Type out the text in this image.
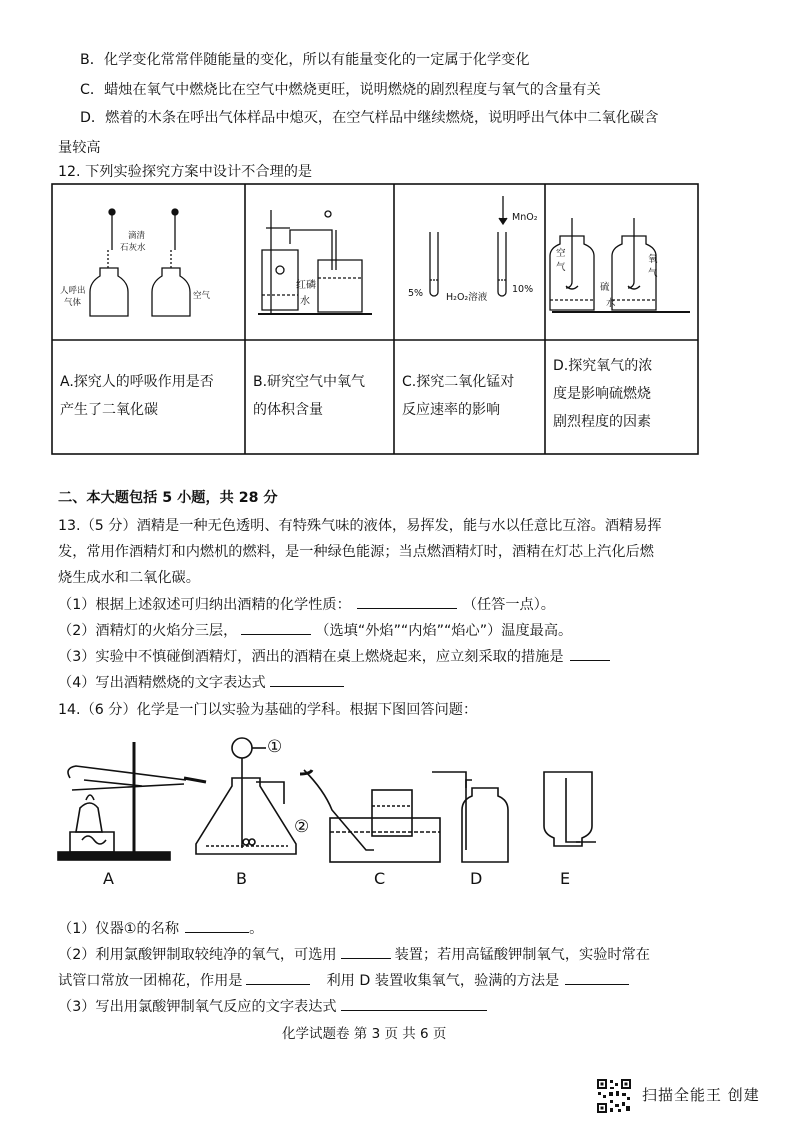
B．化学变化常常伴随能量的变化，所以有能量变化的一定属于化学变化
C．蜡烛在氧气中燃烧比在空气中燃烧更旺，说明燃烧的剧烈程度与氧气的含量有关
D．燃着的木条在呼出气体样品中熄灭，在空气样品中继续燃烧，说明呼出气体中二氧化碳含
量较高
12. 下列实验探究方案中设计不合理的是
滴清
石灰水
人呼出
气体
空气
红磷
水
MnO₂
5% H₂O₂溶液
10%
空
气
氧
气
硫
水
A.探究人的呼吸作用是否
产生了二氧化碳
B.研究空气中氧气
的体积含量
C.探究二氧化锰对
反应速率的影响
D.探究氧气的浓
度是影响硫燃烧
剧烈程度的因素
二、本大题包括 5 小题，共 28 分
13.（5 分）酒精是一种无色透明、有特殊气味的液体，易挥发，能与水以任意比互溶。酒精易挥
发，常用作酒精灯和内燃机的燃料，是一种绿色能源；当点燃酒精灯时，酒精在灯芯上汽化后燃
烧生成水和二氧化碳。
（1）根据上述叙述可归纳出酒精的化学性质：	（任答一点）。
（2）酒精灯的火焰分三层，	（选填“外焰”“内焰”“焰心”）温度最高。
（3）实验中不慎碰倒酒精灯，洒出的酒精在桌上燃烧起来，应立刻采取的措施是
（4）写出酒精燃烧的文字表达式
14.（6 分）化学是一门以实验为基础的学科。根据下图回答问题：
①
②
A	B	C	D	E
（1）仪器①的名称	。
（2）利用氯酸钾制取较纯净的氧气，可选用	装置；若用高锰酸钾制氧气，实验时常在
试管口常放一团棉花，作用是	利用 D 装置收集氧气，验满的方法是
（3）写出用氯酸钾制氧气反应的文字表达式
化学试题卷 第 3 页 共 6 页
扫描全能王 创建
